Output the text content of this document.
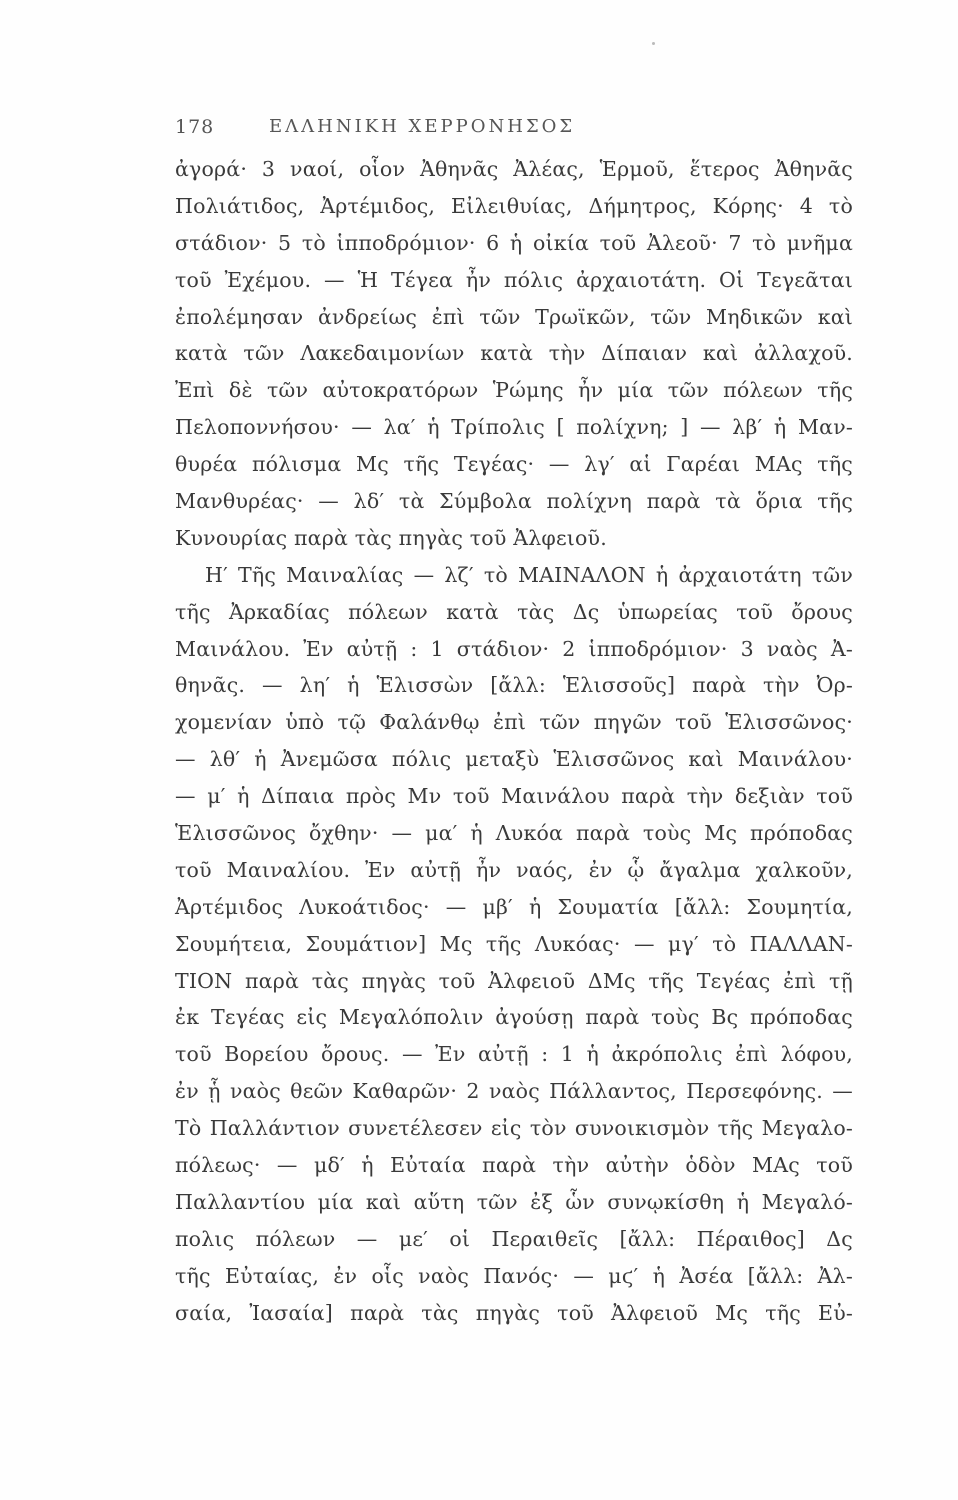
178	ΕΛΛΗΝΙΚΗ ΧΕΡΡΟΝΗΣΟΣ
ἀγορά· 3 ναοί, οἷον Ἀθηνᾶς Ἀλέας, Ἑρμοῦ, ἕτερος Ἀθηνᾶς
Πολιάτιδος, Ἀρτέμιδος, Εἰλειθυίας, Δήμητρος, Κόρης· 4 τὸ
στάδιον· 5 τὸ ἱπποδρόμιον· 6 ἡ οἰκία τοῦ Ἀλεοῦ· 7 τὸ μνῆμα
τοῦ Ἐχέμου. — Ἡ Τέγεα ἦν πόλις ἀρχαιοτάτη. Οἱ Τεγεᾶται
ἐπολέμησαν ἀνδρείως ἐπὶ τῶν Τρωϊκῶν, τῶν Μηδικῶν καὶ
κατὰ τῶν Λακεδαιμονίων κατὰ τὴν Δίπαιαν καὶ ἀλλαχοῦ.
Ἐπὶ δὲ τῶν αὐτοκρατόρων Ῥώμης ἦν μία τῶν πόλεων τῆς
Πελοποννήσου· — λα′ ἡ Τρίπολις [ πολίχνη; ] — λβ′ ἡ Μαν-
θυρέα πόλισμα Μς τῆς Τεγέας· — λγ′ αἱ Γαρέαι ΜΑς τῆς
Μανθυρέας· — λδ′ τὰ Σύμβολα πολίχνη παρὰ τὰ ὅρια τῆς
Κυνουρίας παρὰ τὰς πηγὰς τοῦ Ἀλφειοῦ.
Η′ Τῆς Μαιναλίας — λζ′ τὸ ΜΑΙΝΑΛΟΝ ἡ ἀρχαιοτάτη τῶν
τῆς Ἀρκαδίας πόλεων κατὰ τὰς Δς ὑπωρείας τοῦ ὄρους
Μαινάλου. Ἐν αὐτῇ : 1 στάδιον· 2 ἱπποδρόμιον· 3 ναὸς Ἀ-
θηνᾶς. — λη′ ἡ Ἑλισσὼν [ἄλλ: Ἑλισσοῦς] παρὰ τὴν Ὀρ-
χομενίαν ὑπὸ τῷ Φαλάνθῳ ἐπὶ τῶν πηγῶν τοῦ Ἑλισσῶνος·
— λθ′ ἡ Ἀνεμῶσα πόλις μεταξὺ Ἑλισσῶνος καὶ Μαινάλου·
— μ′ ἡ Δίπαια πρὸς Μν τοῦ Μαινάλου παρὰ τὴν δεξιὰν τοῦ
Ἑλισσῶνος ὄχθην· — μα′ ἡ Λυκόα παρὰ τοὺς Μς πρόποδας
τοῦ Μαιναλίου. Ἐν αὐτῇ ἦν ναός, ἐν ᾧ ἄγαλμα χαλκοῦν,
Ἀρτέμιδος Λυκοάτιδος· — μβ′ ἡ Σουματία [ἄλλ: Σουμητία,
Σουμήτεια, Σουμάτιον] Μς τῆς Λυκόας· — μγ′ τὸ ΠΑΛΛΑΝ-
ΤΙΟΝ παρὰ τὰς πηγὰς τοῦ Ἀλφειοῦ ΔΜς τῆς Τεγέας ἐπὶ τῇ
ἐκ Τεγέας εἰς Μεγαλόπολιν ἀγούσῃ παρὰ τοὺς Βς πρόποδας
τοῦ Βορείου ὄρους. — Ἐν αὐτῇ : 1 ἡ ἀκρόπολις ἐπὶ λόφου,
ἐν ᾗ ναὸς θεῶν Καθαρῶν· 2 ναὸς Πάλλαντος, Περσεφόνης. —
Τὸ Παλλάντιον συνετέλεσεν εἰς τὸν συνοικισμὸν τῆς Μεγαλο-
πόλεως· — μδ′ ἡ Εὐταία παρὰ τὴν αὐτὴν ὁδὸν ΜΑς τοῦ
Παλλαντίου μία καὶ αὕτη τῶν ἐξ ὧν συνῳκίσθη ἡ Μεγαλό-
πολις πόλεων — με′ οἱ Περαιθεῖς [ἄλλ: Πέραιθος] Δς
τῆς Εὐταίας, ἐν οἷς ναὸς Πανός· — μϛ′ ἡ Ἀσέα [ἄλλ: Ἀλ-
σαία, Ἰασαία] παρὰ τὰς πηγὰς τοῦ Ἀλφειοῦ Μς τῆς Εὐ-
